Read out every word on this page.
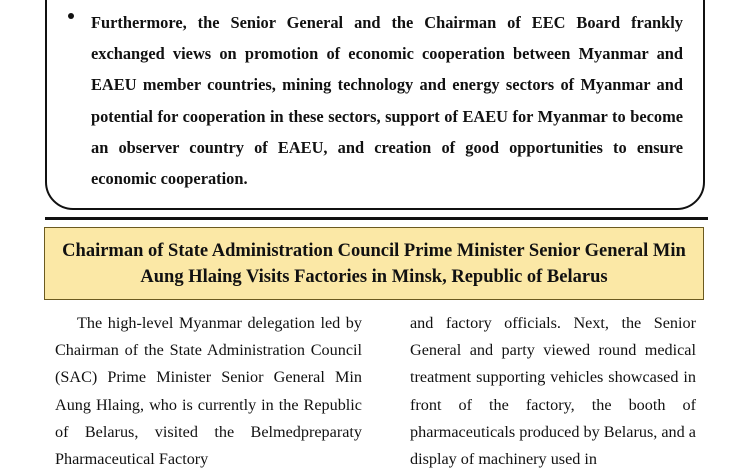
Furthermore, the Senior General and the Chairman of EEC Board frankly exchanged views on promotion of economic cooperation between Myanmar and EAEU member countries, mining technology and energy sectors of Myanmar and potential for cooperation in these sectors, support of EAEU for Myanmar to become an observer country of EAEU, and creation of good opportunities to ensure economic cooperation.
Chairman of State Administration Council Prime Minister Senior General Min Aung Hlaing Visits Factories in Minsk, Republic of Belarus
The high-level Myanmar delegation led by Chairman of the State Administration Council (SAC) Prime Minister Senior General Min Aung Hlaing, who is currently in the Republic of Belarus, visited the Belmedpreparaty Pharmaceutical Factory
and factory officials. Next, the Senior General and party viewed round medical treatment supporting vehicles showcased in front of the factory, the booth of pharmaceuticals produced by Belarus, and a display of machinery used in
